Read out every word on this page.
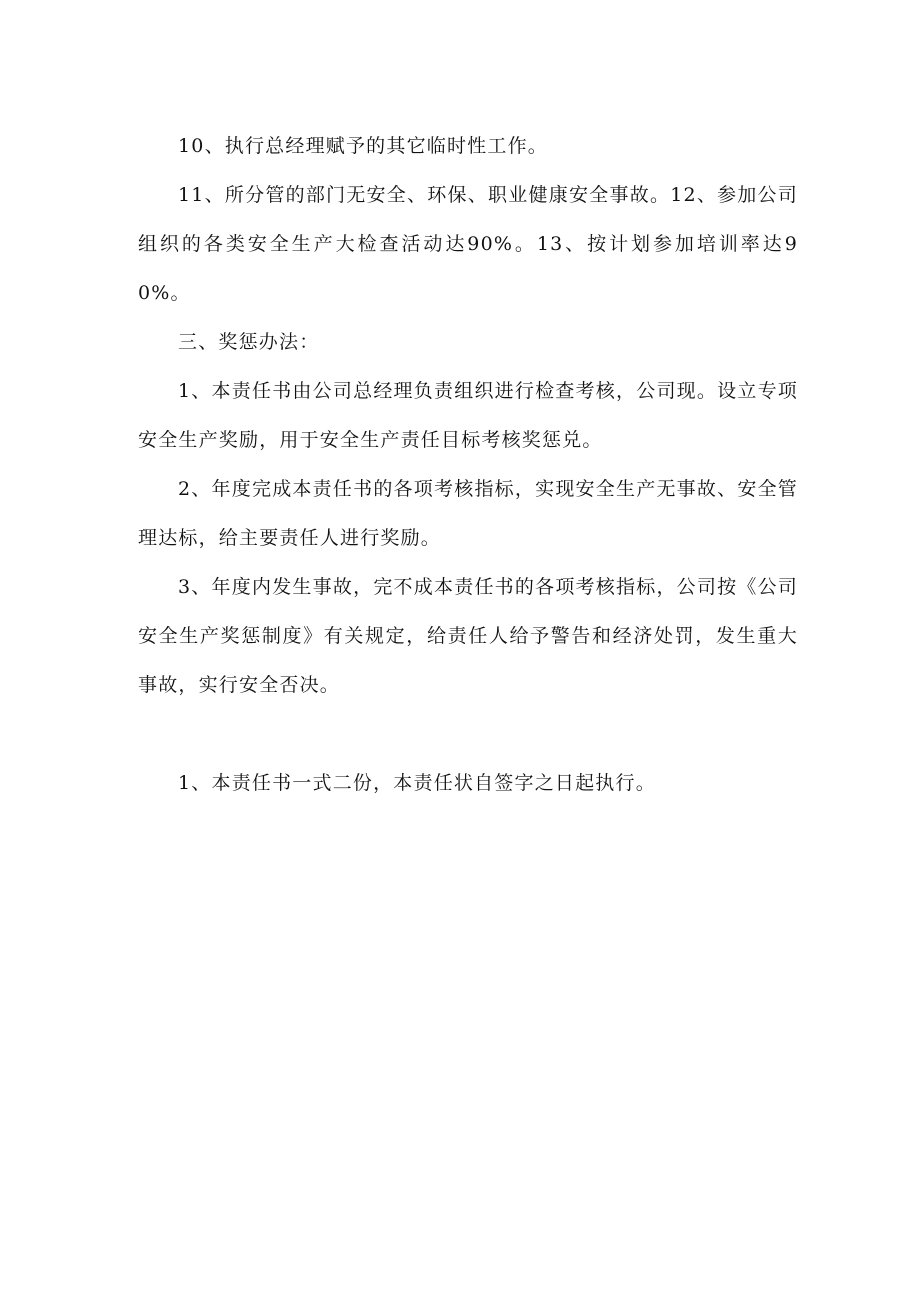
10、执行总经理赋予的其它临时性工作。

11、所分管的部门无安全、环保、职业健康安全事故。12、参加公司组织的各类安全生产大检查活动达90%。13、按计划参加培训率达90%。

三、奖惩办法：

1、本责任书由公司总经理负责组织进行检查考核，公司现。设立专项安全生产奖励，用于安全生产责任目标考核奖惩兑。

2、年度完成本责任书的各项考核指标，实现安全生产无事故、安全管理达标，给主要责任人进行奖励。

3、年度内发生事故，完不成本责任书的各项考核指标，公司按《公司安全生产奖惩制度》有关规定，给责任人给予警告和经济处罚，发生重大事故，实行安全否决。

1、本责任书一式二份，本责任状自签字之日起执行。
